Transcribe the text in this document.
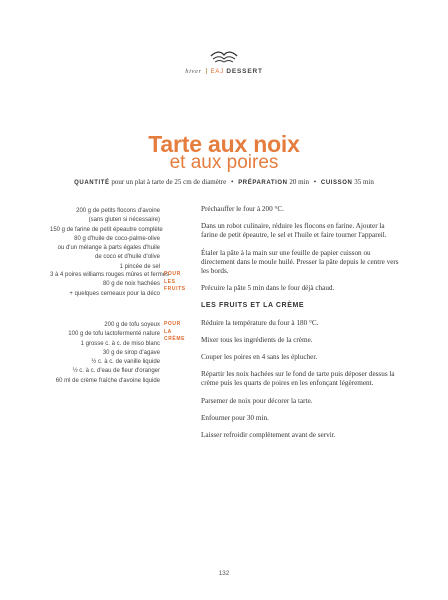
hiver EAJ DESSERT
Tarte aux noix
et aux poires
QUANTITÉ pour un plat à tarte de 25 cm de diamètre • PRÉPARATION 20 min • CUISSON 35 min
200 g de petits flocons d'avoine
(sans gluten si nécessaire)
150 g de farine de petit épeautre complète
80 g d'huile de coco-palme-olive
ou d'un mélange à parts égales d'huile
de coco et d'huile d'olive
1 pincée de sel
POUR
LES
FRUITS
3 à 4 poires williams rouges mûres et fermes
80 g de noix hachées
+ quelques cerneaux pour la déco
POUR
LA
CRÈME
200 g de tofu soyeux
100 g de tofu lactofermenté nature
1 grosse c. à c. de miso blanc
30 g de sirop d'agave
½ c. à c. de vanille liquide
½ c. à c. d'eau de fleur d'oranger
60 ml de crème fraîche d'avoine liquide

Préchauffer le four à 200 °C.

Dans un robot culinaire, réduire les flocons en farine. Ajouter la farine de petit épeautre, le sel et l'huile et faire tourner l'appareil.

Étaler la pâte à la main sur une feuille de papier cuisson ou directement dans le moule huilé. Presser la pâte depuis le centre vers les bords.

Précuire la pâte 5 min dans le four déjà chaud.

LES FRUITS ET LA CRÈME

Réduire la température du four à 180 °C.

Mixer tous les ingrédients de la crème.

Couper les poires en 4 sans les éplucher.

Répartir les noix hachées sur le fond de tarte puis déposer dessus la crème puis les quarts de poires en les enfonçant légèrement.

Parsemer de noix pour décorer la tarte.

Enfourner pour 30 min.

Laisser refroidir complètement avant de servir.

132
